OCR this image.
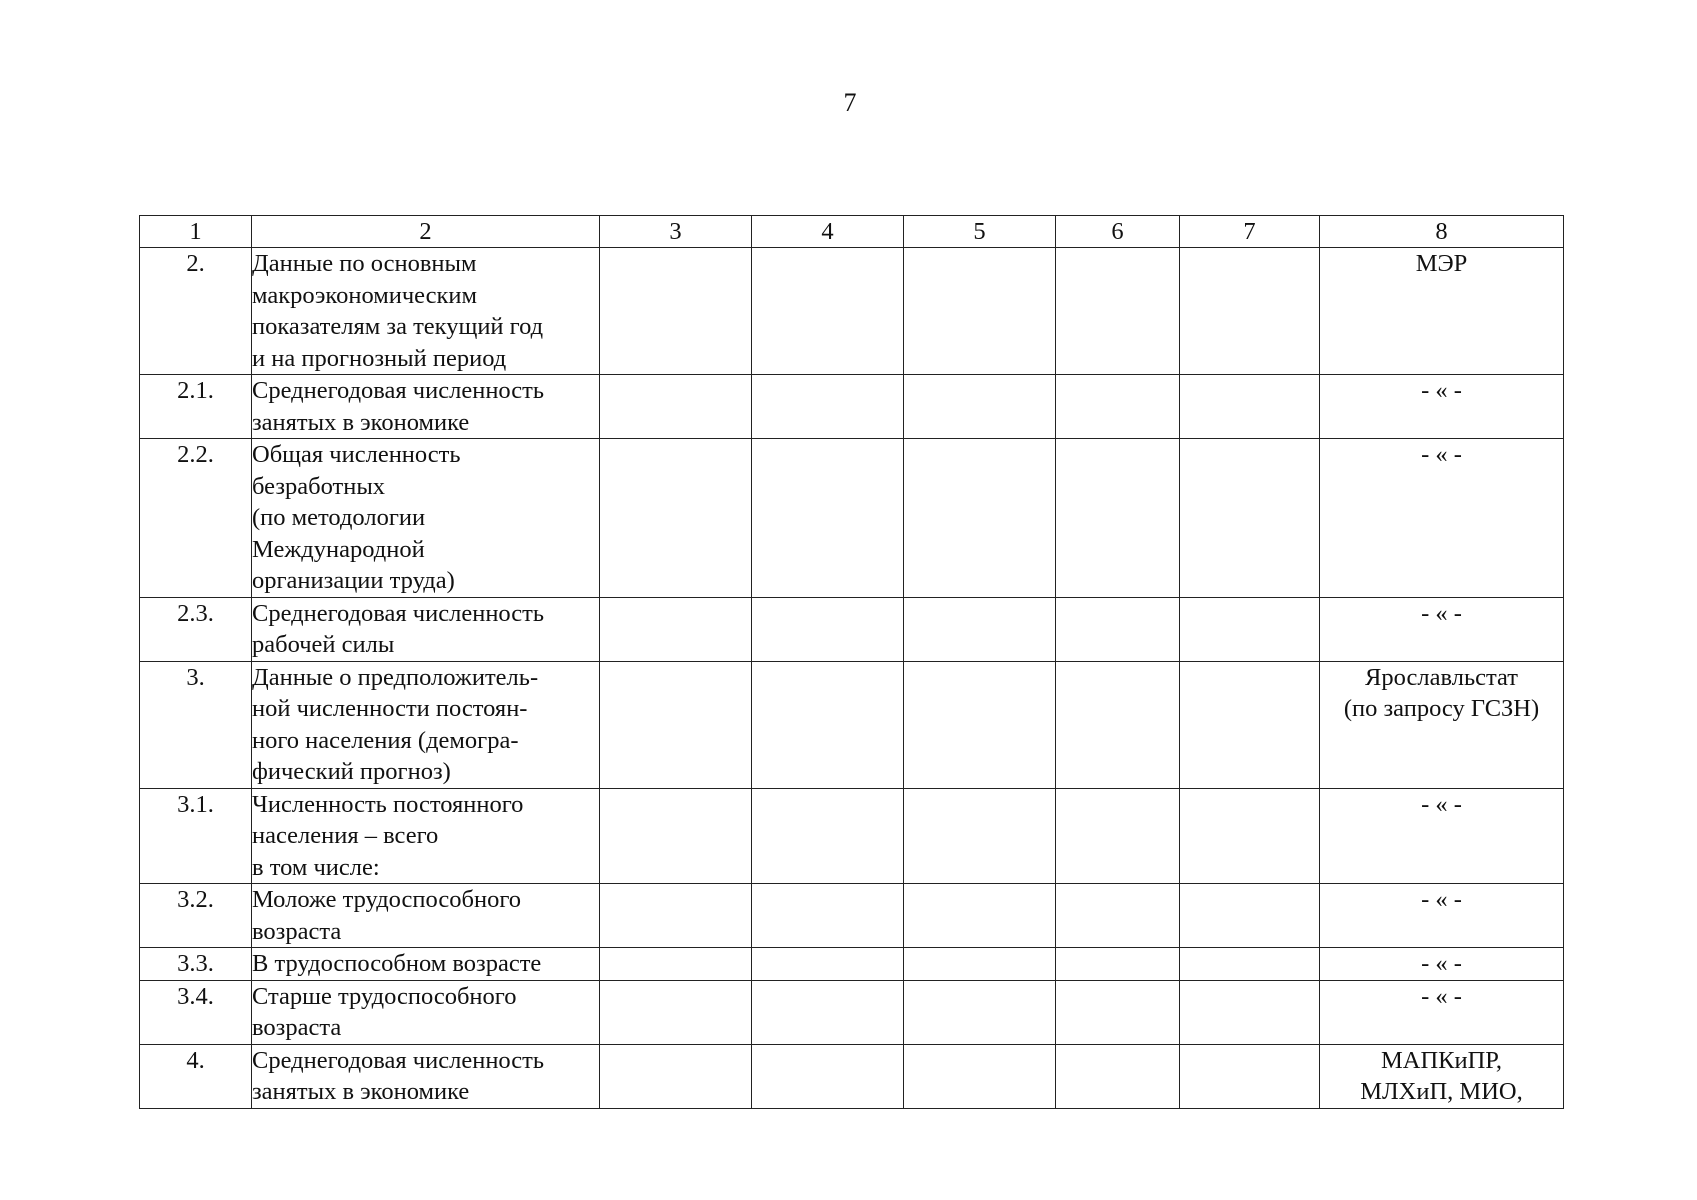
7
1	2	3	4	5	6	7	8
2.	Данные по основным
макроэкономическим
показателям за текущий год
и на прогнозный период						МЭР
2.1.	Среднегодовая численность
занятых в экономике						- « -
2.2.	Общая численность
безработных
(по методологии
Международной
организации труда)						- « -
2.3.	Среднегодовая численность
рабочей силы						- « -
3.	Данные о предположитель-
ной численности постоян-
ного населения (демогра-
фический прогноз)						Ярославльстат
(по запросу ГСЗН)
3.1.	Численность постоянного
населения – всего
в том числе:						- « -
3.2.	Моложе трудоспособного
возраста						- « -
3.3.	В трудоспособном возрасте						- « -
3.4.	Старше трудоспособного
возраста						- « -
4.	Среднегодовая численность
занятых в экономике						МАПКиПР,
МЛХиП, МИО,
